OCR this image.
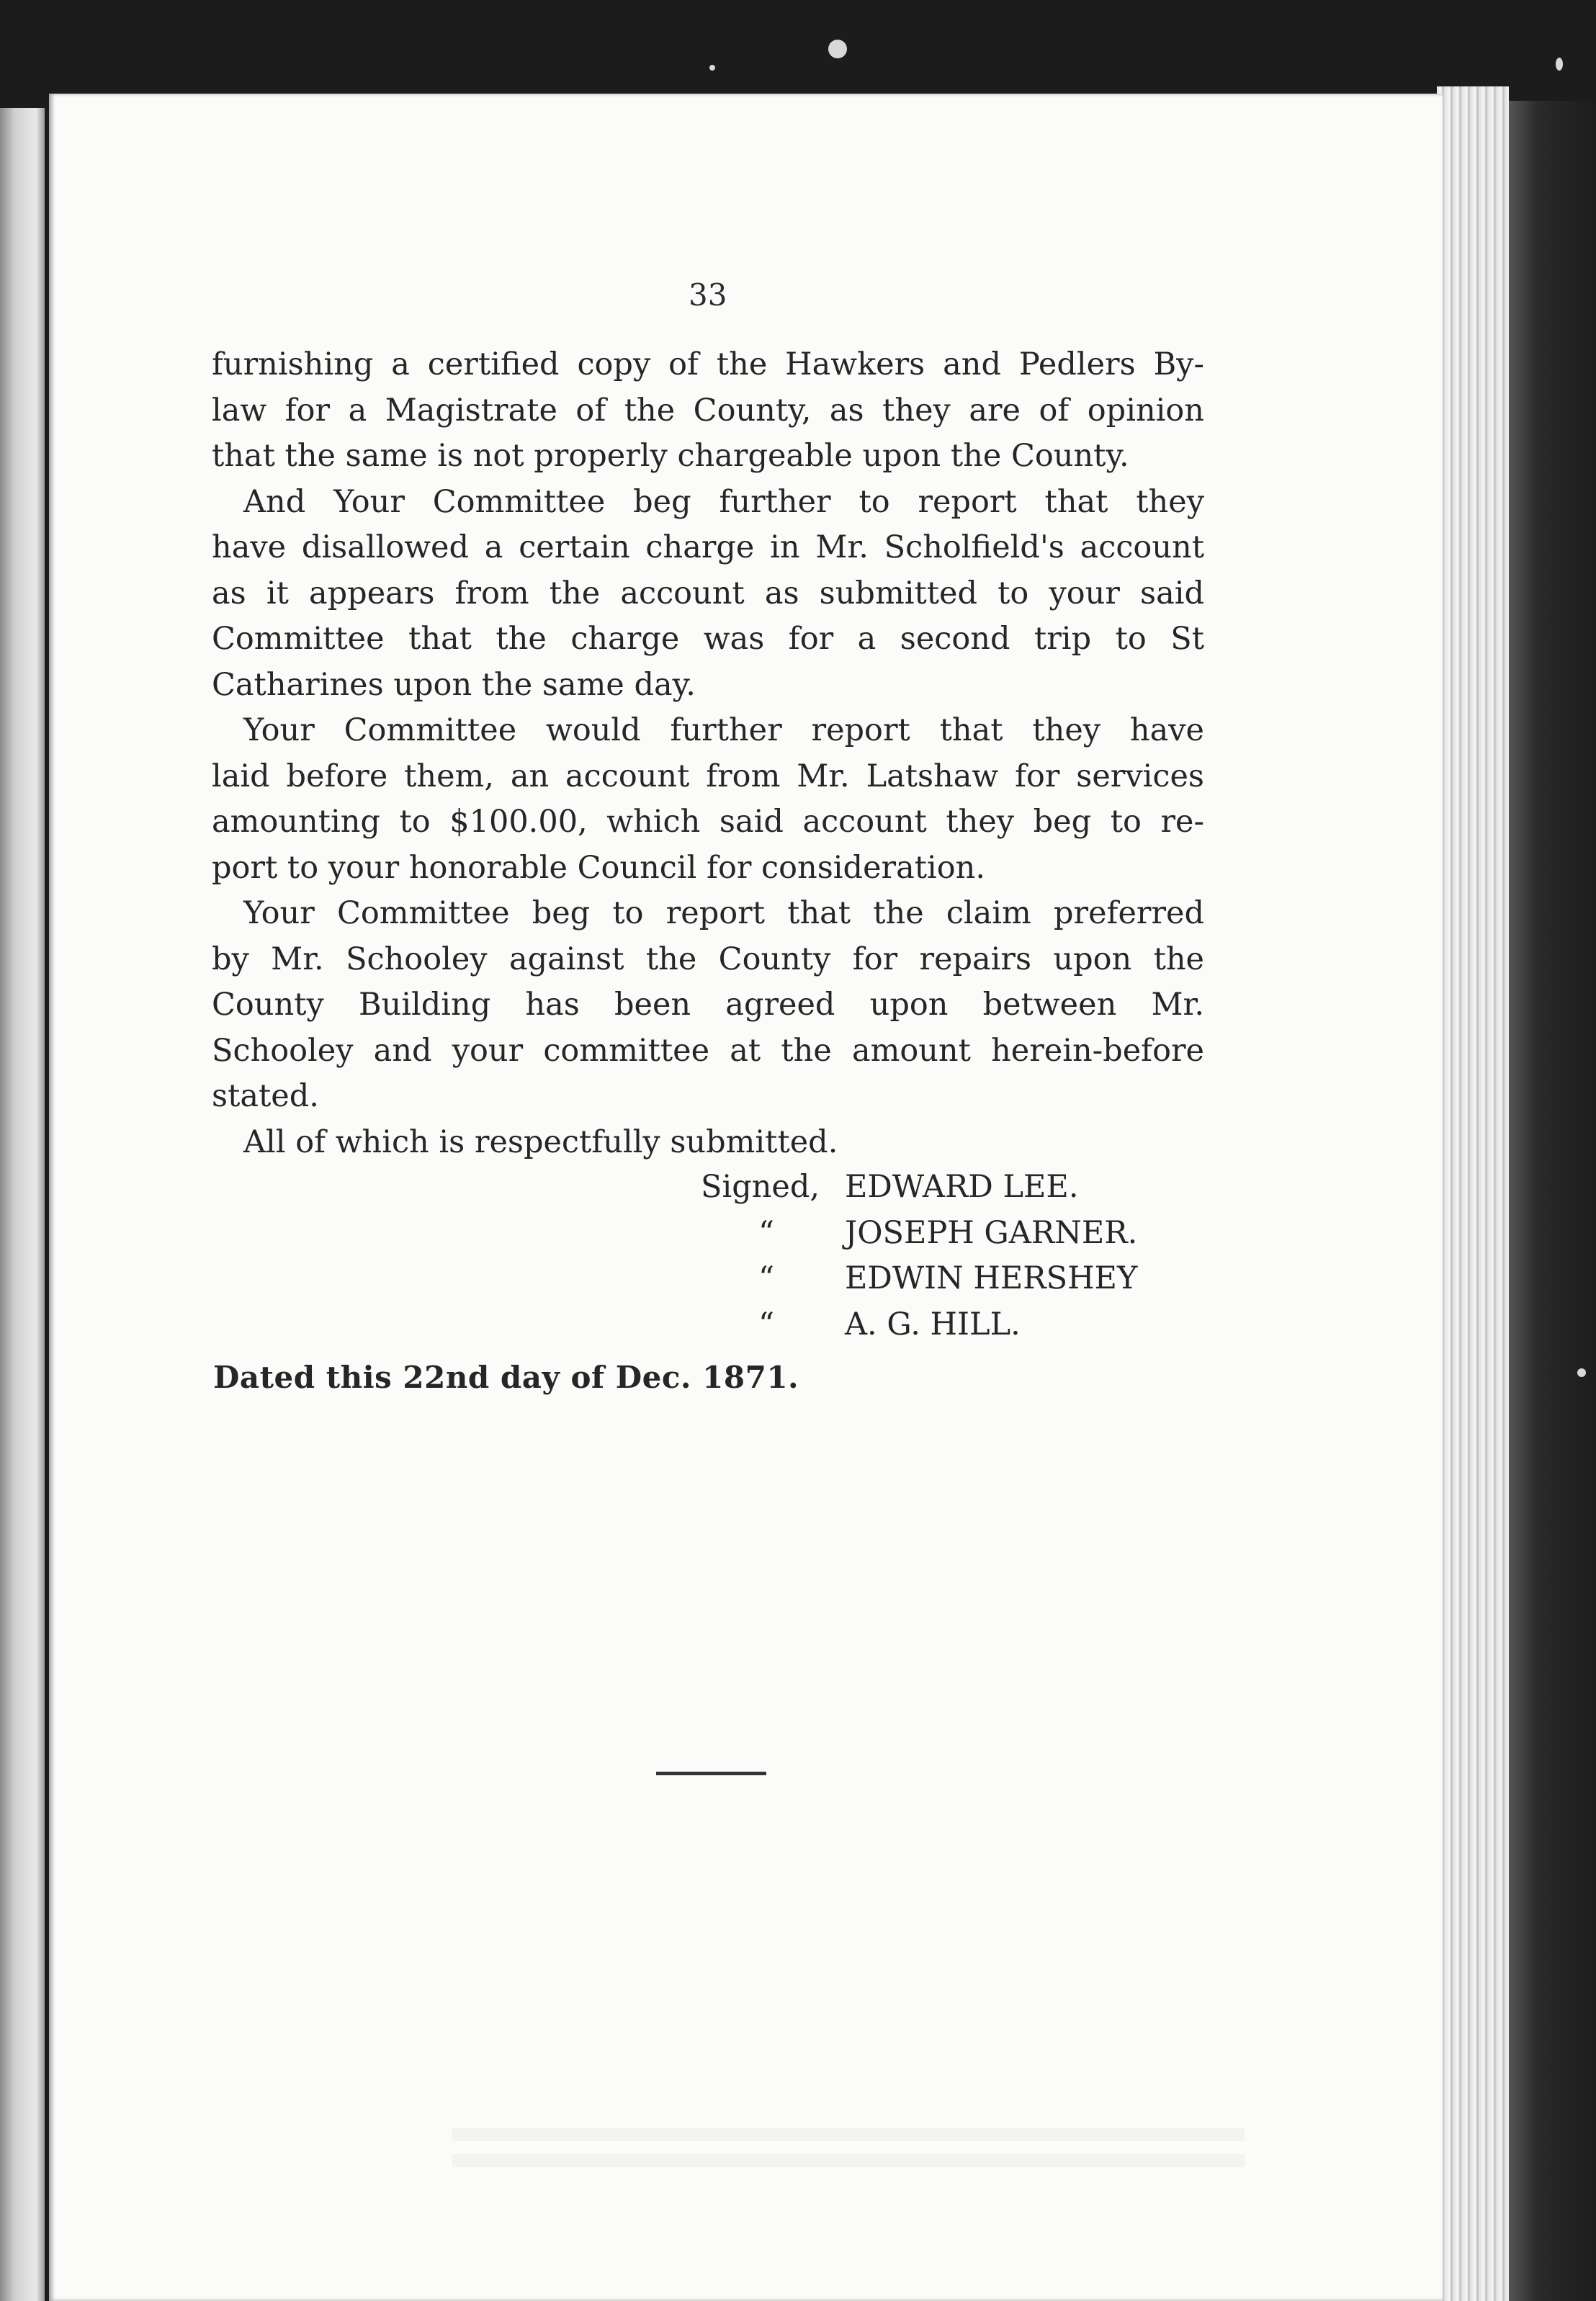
33
furnishing a certified copy of the Hawkers and Pedlers By-
law for a Magistrate of the County, as they are of opinion
that the same is not properly chargeable upon the County.
And Your Committee beg further to report that they
have disallowed a certain charge in Mr. Scholfield's account
as it appears from the account as submitted to your said
Committee that the charge was for a second trip to St
Catharines upon the same day.
Your Committee would further report that they have
laid before them, an account from Mr. Latshaw for services
amounting to $100.00, which said account they beg to re-
port to your honorable Council for consideration.
Your Committee beg to report that the claim preferred
by Mr. Schooley against the County for repairs upon the
County Building has been agreed upon between Mr.
Schooley and your committee at the amount herein-before
stated.
All of which is respectfully submitted.
Signed, EDWARD LEE.
“ JOSEPH GARNER.
“ EDWIN HERSHEY
“ A. G. HILL.
Dated this 22nd day of Dec. 1871.
